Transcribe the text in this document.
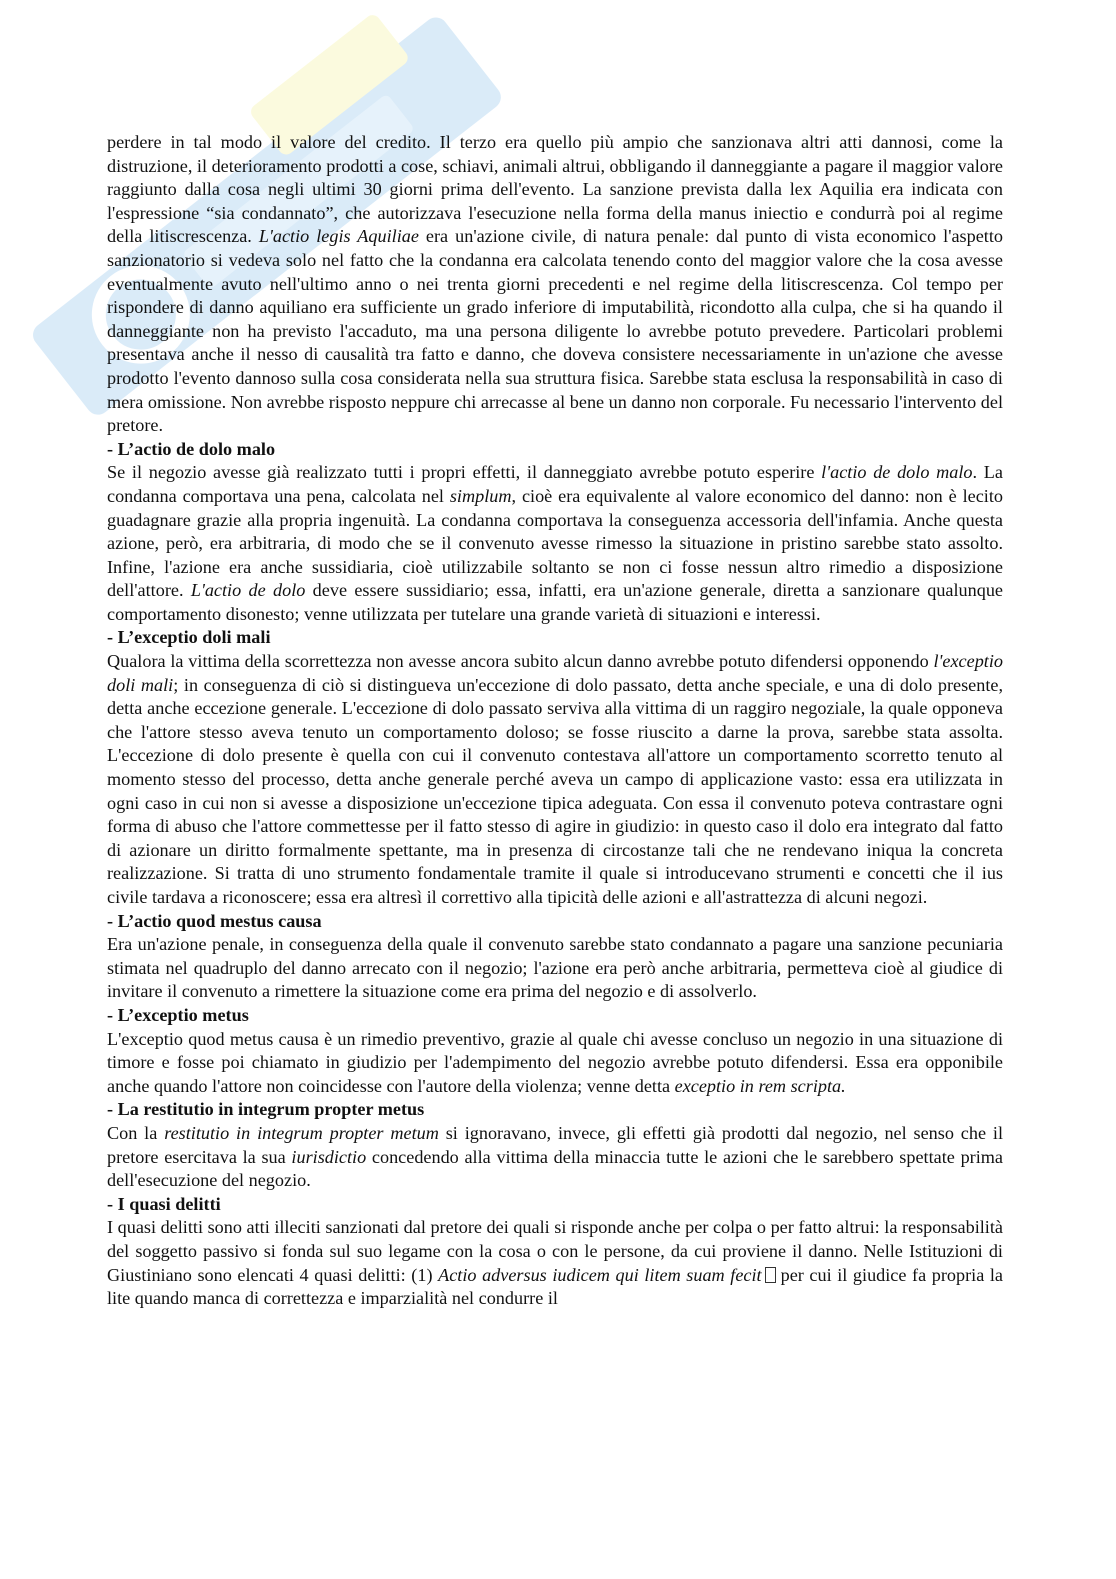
perdere in tal modo il valore del credito. Il terzo era quello più ampio che sanzionava altri atti dannosi, come la distruzione, il deterioramento prodotti a cose, schiavi, animali altrui, obbligando il danneggiante a pagare il maggior valore raggiunto dalla cosa negli ultimi 30 giorni prima dell'evento. La sanzione prevista dalla lex Aquilia era indicata con l'espressione “sia condannato”, che autorizzava l'esecuzione nella forma della manus iniectio e condurrà poi al regime della litiscrescenza. L'actio legis Aquiliae era un'azione civile, di natura penale: dal punto di vista economico l'aspetto sanzionatorio si vedeva solo nel fatto che la condanna era calcolata tenendo conto del maggior valore che la cosa avesse eventualmente avuto nell'ultimo anno o nei trenta giorni precedenti e nel regime della litiscrescenza. Col tempo per rispondere di danno aquiliano era sufficiente un grado inferiore di imputabilità, ricondotto alla culpa, che si ha quando il danneggiante non ha previsto l'accaduto, ma una persona diligente lo avrebbe potuto prevedere. Particolari problemi presentava anche il nesso di causalità tra fatto e danno, che doveva consistere necessariamente in un'azione che avesse prodotto l'evento dannoso sulla cosa considerata nella sua struttura fisica. Sarebbe stata esclusa la responsabilità in caso di mera omissione. Non avrebbe risposto neppure chi arrecasse al bene un danno non corporale. Fu necessario l'intervento del pretore.

- L’actio de dolo malo

Se il negozio avesse già realizzato tutti i propri effetti, il danneggiato avrebbe potuto esperire l'actio de dolo malo. La condanna comportava una pena, calcolata nel simplum, cioè era equivalente al valore economico del danno: non è lecito guadagnare grazie alla propria ingenuità. La condanna comportava la conseguenza accessoria dell'infamia. Anche questa azione, però, era arbitraria, di modo che se il convenuto avesse rimesso la situazione in pristino sarebbe stato assolto. Infine, l'azione era anche sussidiaria, cioè utilizzabile soltanto se non ci fosse nessun altro rimedio a disposizione dell'attore. L'actio de dolo deve essere sussidiario; essa, infatti, era un'azione generale, diretta a sanzionare qualunque comportamento disonesto; venne utilizzata per tutelare una grande varietà di situazioni e interessi.

- L’exceptio doli mali

Qualora la vittima della scorrettezza non avesse ancora subito alcun danno avrebbe potuto difendersi opponendo l'exceptio doli mali; in conseguenza di ciò si distingueva un'eccezione di dolo passato, detta anche speciale, e una di dolo presente, detta anche eccezione generale. L'eccezione di dolo passato serviva alla vittima di un raggiro negoziale, la quale opponeva che l'attore stesso aveva tenuto un comportamento doloso; se fosse riuscito a darne la prova, sarebbe stata assolta. L'eccezione di dolo presente è quella con cui il convenuto contestava all'attore un comportamento scorretto tenuto al momento stesso del processo, detta anche generale perché aveva un campo di applicazione vasto: essa era utilizzata in ogni caso in cui non si avesse a disposizione un'eccezione tipica adeguata. Con essa il convenuto poteva contrastare ogni forma di abuso che l'attore commettesse per il fatto stesso di agire in giudizio: in questo caso il dolo era integrato dal fatto di azionare un diritto formalmente spettante, ma in presenza di circostanze tali che ne rendevano iniqua la concreta realizzazione. Si tratta di uno strumento fondamentale tramite il quale si introducevano strumenti e concetti che il ius civile tardava a riconoscere; essa era altresì il correttivo alla tipicità delle azioni e all'astrattezza di alcuni negozi.

- L’actio quod mestus causa

Era un'azione penale, in conseguenza della quale il convenuto sarebbe stato condannato a pagare una sanzione pecuniaria stimata nel quadruplo del danno arrecato con il negozio; l'azione era però anche arbitraria, permetteva cioè al giudice di invitare il convenuto a rimettere la situazione come era prima del negozio e di assolverlo.

- L’exceptio metus

L'exceptio quod metus causa è un rimedio preventivo, grazie al quale chi avesse concluso un negozio in una situazione di timore e fosse poi chiamato in giudizio per l'adempimento del negozio avrebbe potuto difendersi. Essa era opponibile anche quando l'attore non coincidesse con l'autore della violenza; venne detta exceptio in rem scripta.

- La restitutio in integrum propter metus

Con la restitutio in integrum propter metum si ignoravano, invece, gli effetti già prodotti dal negozio, nel senso che il pretore esercitava la sua iurisdictio concedendo alla vittima della minaccia tutte le azioni che le sarebbero spettate prima dell'esecuzione del negozio.

- I quasi delitti

I quasi delitti sono atti illeciti sanzionati dal pretore dei quali si risponde anche per colpa o per fatto altrui: la responsabilità del soggetto passivo si fonda sul suo legame con la cosa o con le persone, da cui proviene il danno. Nelle Istituzioni di Giustiniano sono elencati 4 quasi delitti: (1) Actio adversus iudicem qui litem suam fecit per cui il giudice fa propria la lite quando manca di correttezza e imparzialità nel condurre il
